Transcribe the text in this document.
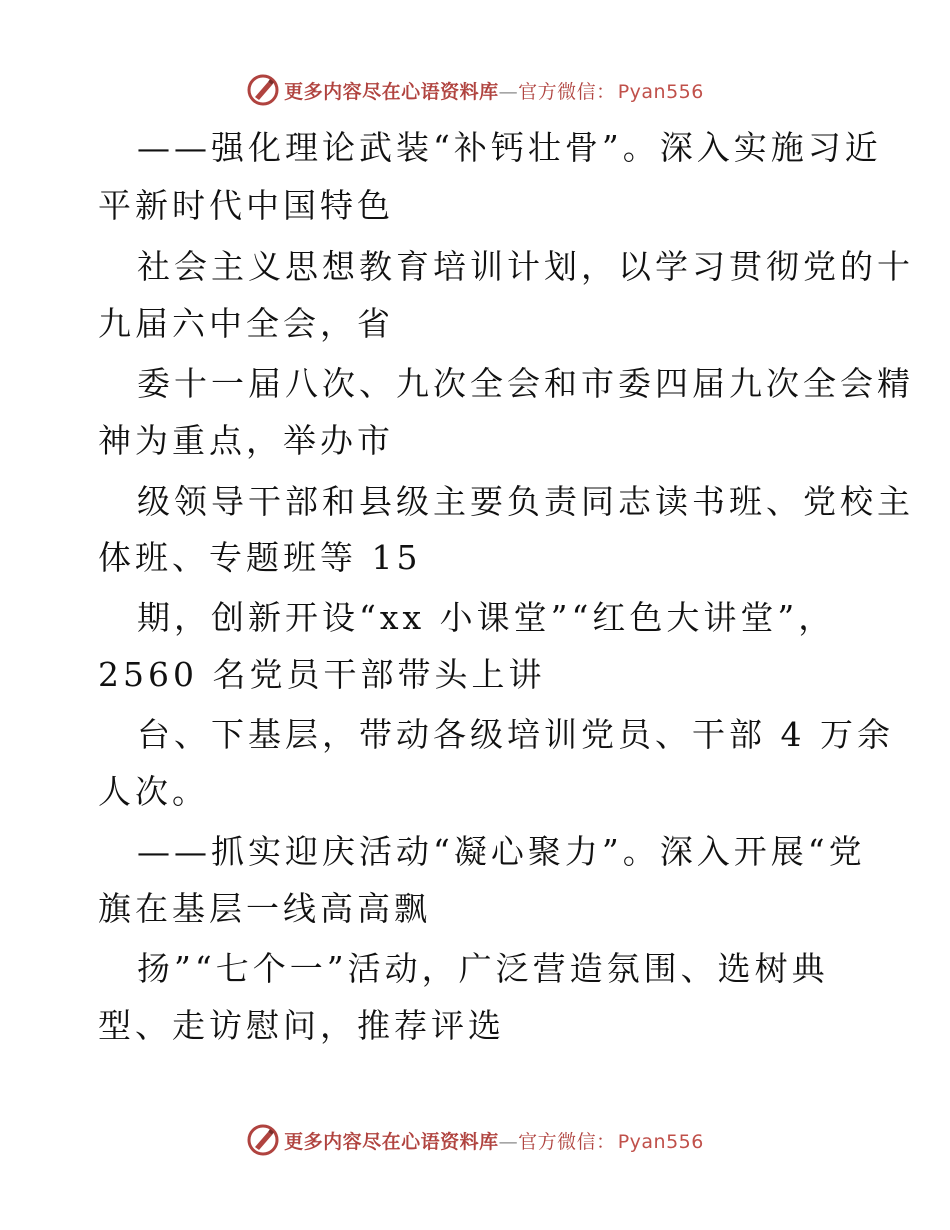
更多内容尽在心语资料库 — 官方微信： Pyan556
——强化理论武装“补钙壮骨”。深入实施习近
平新时代中国特色
社会主义思想教育培训计划，以学习贯彻党的十
九届六中全会，省
委十一届八次、九次全会和市委四届九次全会精
神为重点，举办市
级领导干部和县级主要负责同志读书班、党校主
体班、专题班等 15
期，创新开设“xx 小课堂”“红色大讲堂”，
2560 名党员干部带头上讲
台、下基层，带动各级培训党员、干部 4 万余
人次。
——抓实迎庆活动“凝心聚力”。深入开展“党
旗在基层一线高高飘
扬”“七个一”活动，广泛营造氛围、选树典
型、走访慰问，推荐评选
更多内容尽在心语资料库 — 官方微信： Pyan556
